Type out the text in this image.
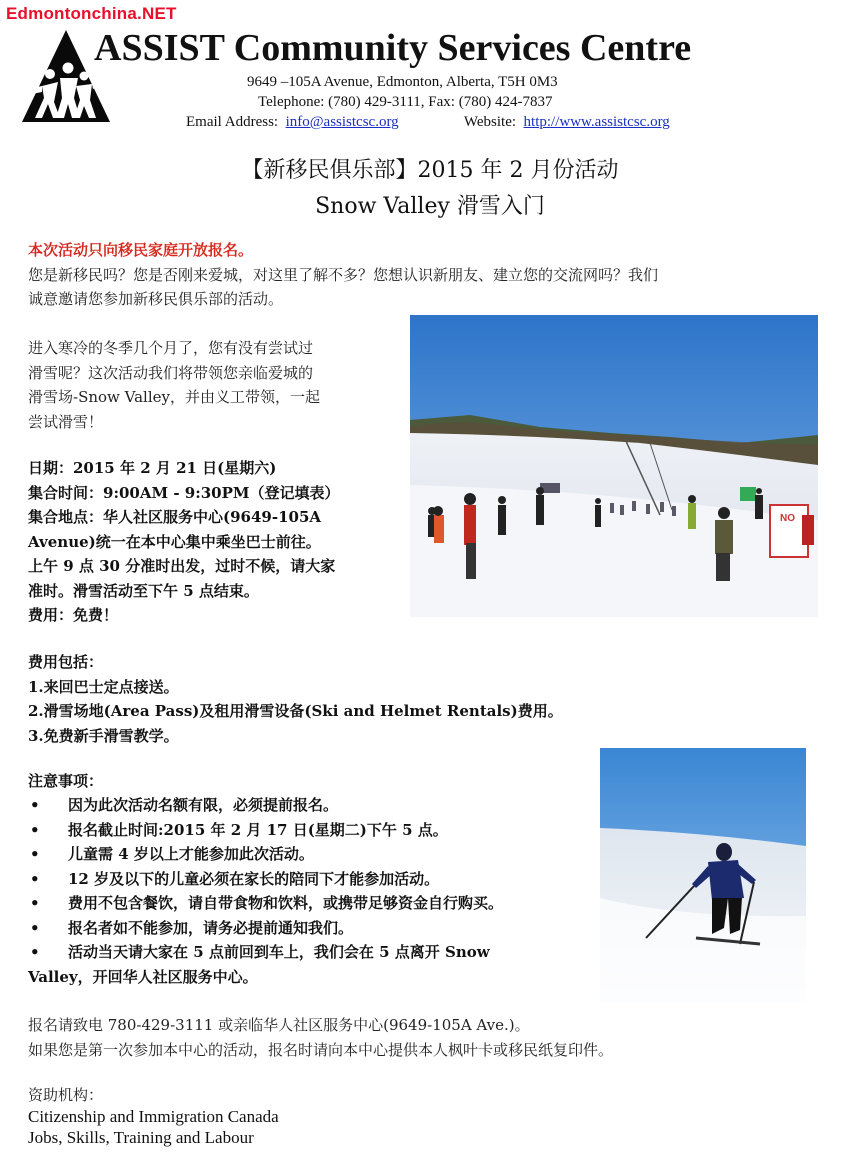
Edmontonchina.NET
ASSIST Community Services Centre
9649 –105A Avenue, Edmonton, Alberta, T5H 0M3
Telephone: (780) 429-3111, Fax: (780) 424-7837
Email Address: info@assistcsc.org	Website: http://www.assistcsc.org
【新移民俱乐部】2015 年 2 月份活动
Snow Valley 滑雪入门
本次活动只向移民家庭开放报名。
您是新移民吗？您是否刚来爱城，对这里了解不多？您想认识新朋友、建立您的交流网吗？我们
诚意邀请您参加新移民俱乐部的活动。
进入寒冷的冬季几个月了，您有没有尝试过
滑雪呢？这次活动我们将带领您亲临爱城的
滑雪场-Snow Valley，并由义工带领，一起
尝试滑雪！
日期：2015 年 2 月 21 日(星期六)
集合时间：9:00AM - 9:30PM（登记填表）
集合地点：华人社区服务中心(9649-105A
Avenue)统一在本中心集中乘坐巴士前往。
上午 9 点 30 分准时出发，过时不候，请大家
准时。滑雪活动至下午 5 点结束。
费用：免费！
NO
费用包括：
1.来回巴士定点接送。
2.滑雪场地(Area Pass)及租用滑雪设备(Ski and Helmet Rentals)费用。
3.免费新手滑雪教学。
注意事项：
•	因为此次活动名额有限，必须提前报名。
•	报名截止时间:2015 年 2 月 17 日(星期二)下午 5 点。
•	儿童需 4 岁以上才能参加此次活动。
•	12 岁及以下的儿童必须在家长的陪同下才能参加活动。
•	费用不包含餐饮，请自带食物和饮料，或携带足够资金自行购买。
•	报名者如不能参加，请务必提前通知我们。
•	活动当天请大家在 5 点前回到车上，我们会在 5 点离开 Snow
Valley，开回华人社区服务中心。
报名请致电 780-429-3111 或亲临华人社区服务中心(9649-105A Ave.)。
如果您是第一次参加本中心的活动，报名时请向本中心提供本人枫叶卡或移民纸复印件。
资助机构：
Citizenship and Immigration Canada
Jobs, Skills, Training and Labour
